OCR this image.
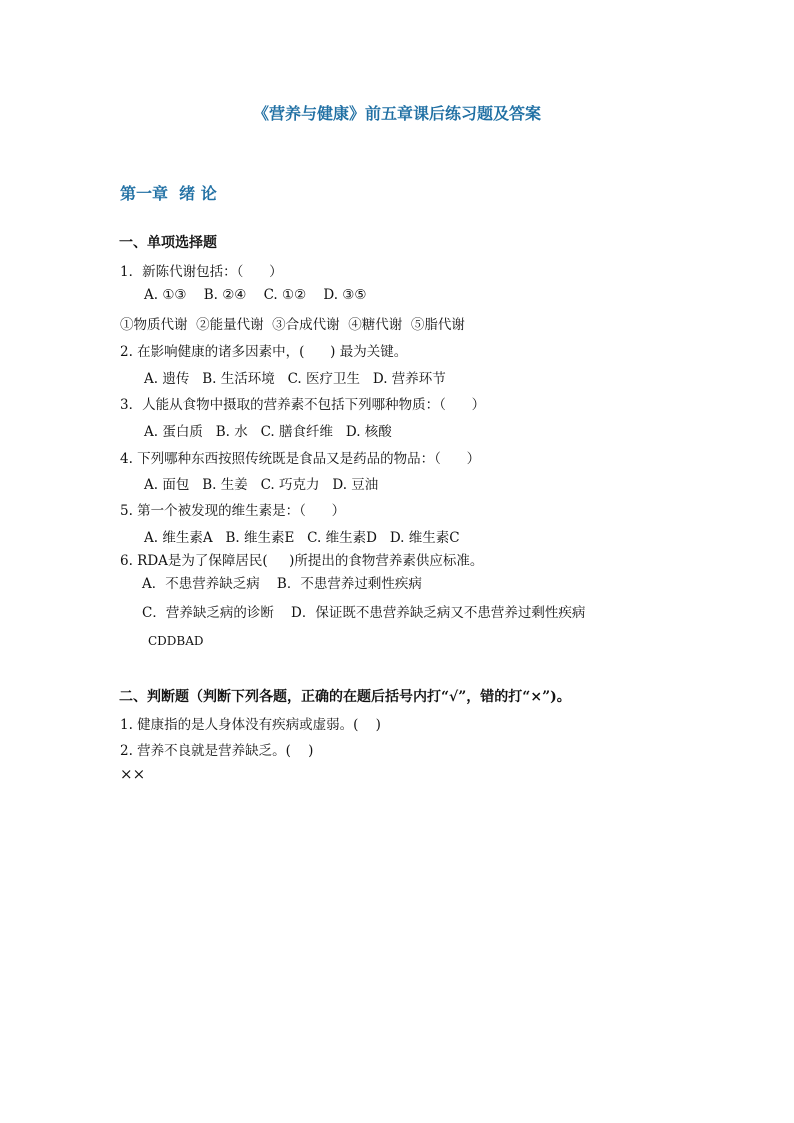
《营养与健康》前五章课后练习题及答案
第一章  绪 论
一、单项选择题
1．新陈代谢包括：（      ）
A. ①③    B. ②④    C. ①②    D. ③⑤
①物质代谢  ②能量代谢  ③合成代谢  ④糖代谢  ⑤脂代谢
2. 在影响健康的诸多因素中，(      ) 最为关键。
A. 遗传   B. 生活环境   C. 医疗卫生   D. 营养环节
3．人能从食物中摄取的营养素不包括下列哪种物质：（      ）
A. 蛋白质   B. 水   C. 膳食纤维   D. 核酸
4. 下列哪种东西按照传统既是食品又是药品的物品：（      ）
A. 面包   B. 生姜   C. 巧克力   D. 豆油
5. 第一个被发现的维生素是：（      ）
A. 维生素A   B. 维生素E   C. 维生素D   D. 维生素C
6. RDA是为了保障居民(     )所提出的食物营养素供应标准。
A．不患营养缺乏病    B．不患营养过剩性疾病
C．营养缺乏病的诊断    D．保证既不患营养缺乏病又不患营养过剩性疾病
CDDBAD
二、判断题（判断下列各题，正确的在题后括号内打“√”，错的打“×”)。
1. 健康指的是人身体没有疾病或虚弱。(    )
2. 营养不良就是营养缺乏。(    )
××
